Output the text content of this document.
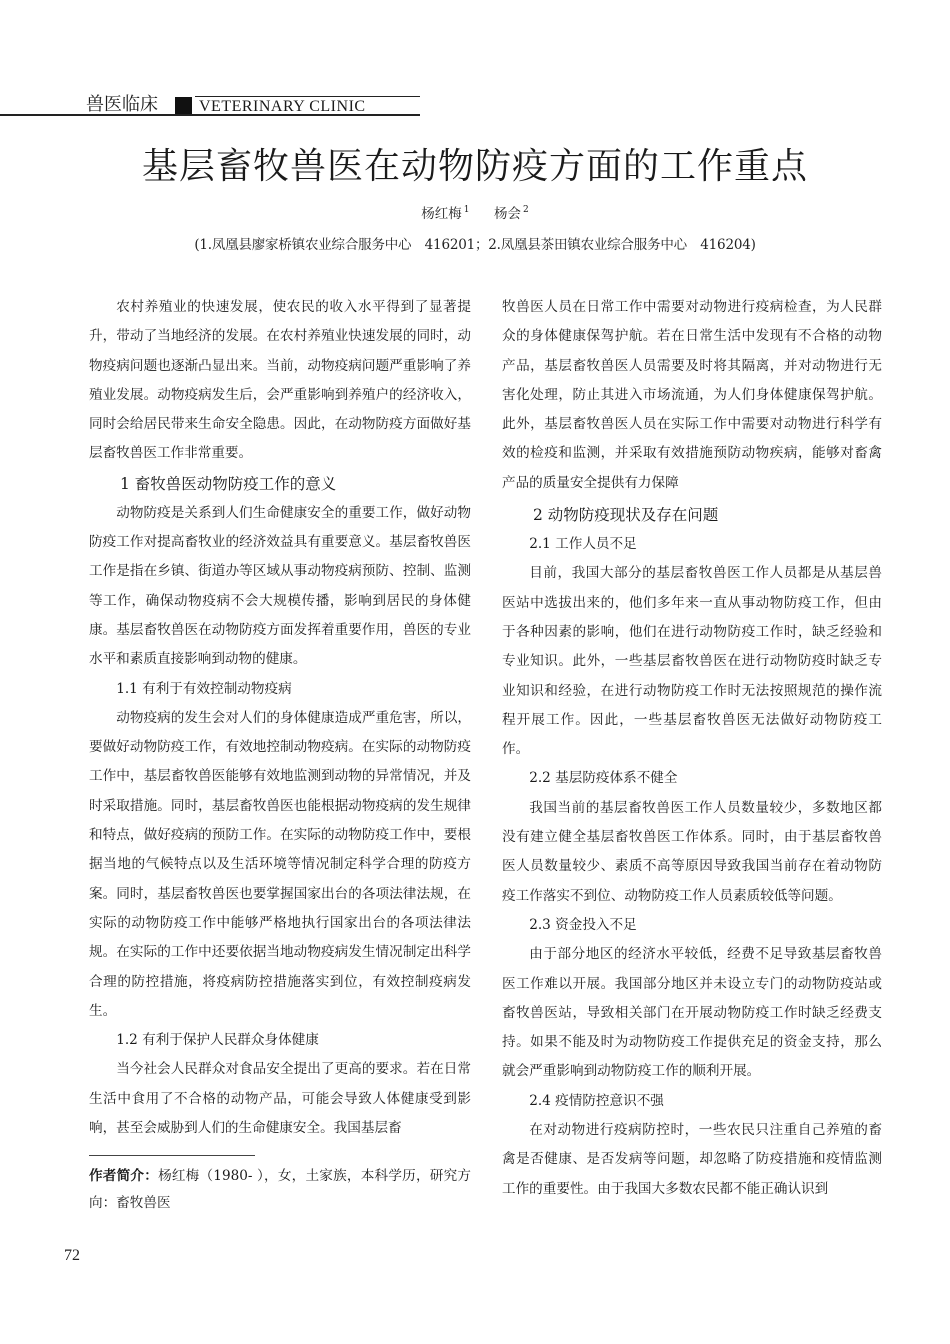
兽医临床	VETERINARY CLINIC
基层畜牧兽医在动物防疫方面的工作重点
杨红梅 $^1$ 杨会 $^2$
(1.凤凰县廖家桥镇农业综合服务中心　416201；2.凤凰县茶田镇农业综合服务中心　416204)

农村养殖业的快速发展，使农民的收入水平得到了显著提升，带动了当地经济的发展。在农村养殖业快速发展的同时，动物疫病问题也逐渐凸显出来。当前，动物疫病问题严重影响了养殖业发展。动物疫病发生后，会严重影响到养殖户的经济收入，同时会给居民带来生命安全隐患。因此，在动物防疫方面做好基层畜牧兽医工作非常重要。

1 畜牧兽医动物防疫工作的意义

动物防疫是关系到人们生命健康安全的重要工作，做好动物防疫工作对提高畜牧业的经济效益具有重要意义。基层畜牧兽医工作是指在乡镇、街道办等区域从事动物疫病预防、控制、监测等工作，确保动物疫病不会大规模传播，影响到居民的身体健康。基层畜牧兽医在动物防疫方面发挥着重要作用，兽医的专业水平和素质直接影响到动物的健康。

1.1 有利于有效控制动物疫病

动物疫病的发生会对人们的身体健康造成严重危害，所以，要做好动物防疫工作，有效地控制动物疫病。在实际的动物防疫工作中，基层畜牧兽医能够有效地监测到动物的异常情况，并及时采取措施。同时，基层畜牧兽医也能根据动物疫病的发生规律和特点，做好疫病的预防工作。在实际的动物防疫工作中，要根据当地的气候特点以及生活环境等情况制定科学合理的防疫方案。同时，基层畜牧兽医也要掌握国家出台的各项法律法规，在实际的动物防疫工作中能够严格地执行国家出台的各项法律法规。在实际的工作中还要依据当地动物疫病发生情况制定出科学合理的防控措施，将疫病防控措施落实到位，有效控制疫病发生。

1.2 有利于保护人民群众身体健康

当今社会人民群众对食品安全提出了更高的要求。若在日常生活中食用了不合格的动物产品，可能会导致人体健康受到影响，甚至会威胁到人们的生命健康安全。我国基层畜

作者简介：杨红梅（1980- ），女，土家族，本科学历，研究方向：畜牧兽医

牧兽医人员在日常工作中需要对动物进行疫病检查，为人民群众的身体健康保驾护航。若在日常生活中发现有不合格的动物产品，基层畜牧兽医人员需要及时将其隔离，并对动物进行无害化处理，防止其进入市场流通，为人们身体健康保驾护航。此外，基层畜牧兽医人员在实际工作中需要对动物进行科学有效的检疫和监测，并采取有效措施预防动物疾病，能够对畜禽产品的质量安全提供有力保障

2 动物防疫现状及存在问题
2.1 工作人员不足

目前，我国大部分的基层畜牧兽医工作人员都是从基层兽医站中选拔出来的，他们多年来一直从事动物防疫工作，但由于各种因素的影响，他们在进行动物防疫工作时，缺乏经验和专业知识。此外，一些基层畜牧兽医在进行动物防疫时缺乏专业知识和经验，在进行动物防疫工作时无法按照规范的操作流程开展工作。因此，一些基层畜牧兽医无法做好动物防疫工作。

2.2 基层防疫体系不健全

我国当前的基层畜牧兽医工作人员数量较少，多数地区都没有建立健全基层畜牧兽医工作体系。同时，由于基层畜牧兽医人员数量较少、素质不高等原因导致我国当前存在着动物防疫工作落实不到位、动物防疫工作人员素质较低等问题。

2.3 资金投入不足

由于部分地区的经济水平较低，经费不足导致基层畜牧兽医工作难以开展。我国部分地区并未设立专门的动物防疫站或畜牧兽医站，导致相关部门在开展动物防疫工作时缺乏经费支持。如果不能及时为动物防疫工作提供充足的资金支持，那么就会严重影响到动物防疫工作的顺利开展。

2.4 疫情防控意识不强

在对动物进行疫病防控时，一些农民只注重自己养殖的畜禽是否健康、是否发病等问题，却忽略了防疫措施和疫情监测工作的重要性。由于我国大多数农民都不能正确认识到

72
